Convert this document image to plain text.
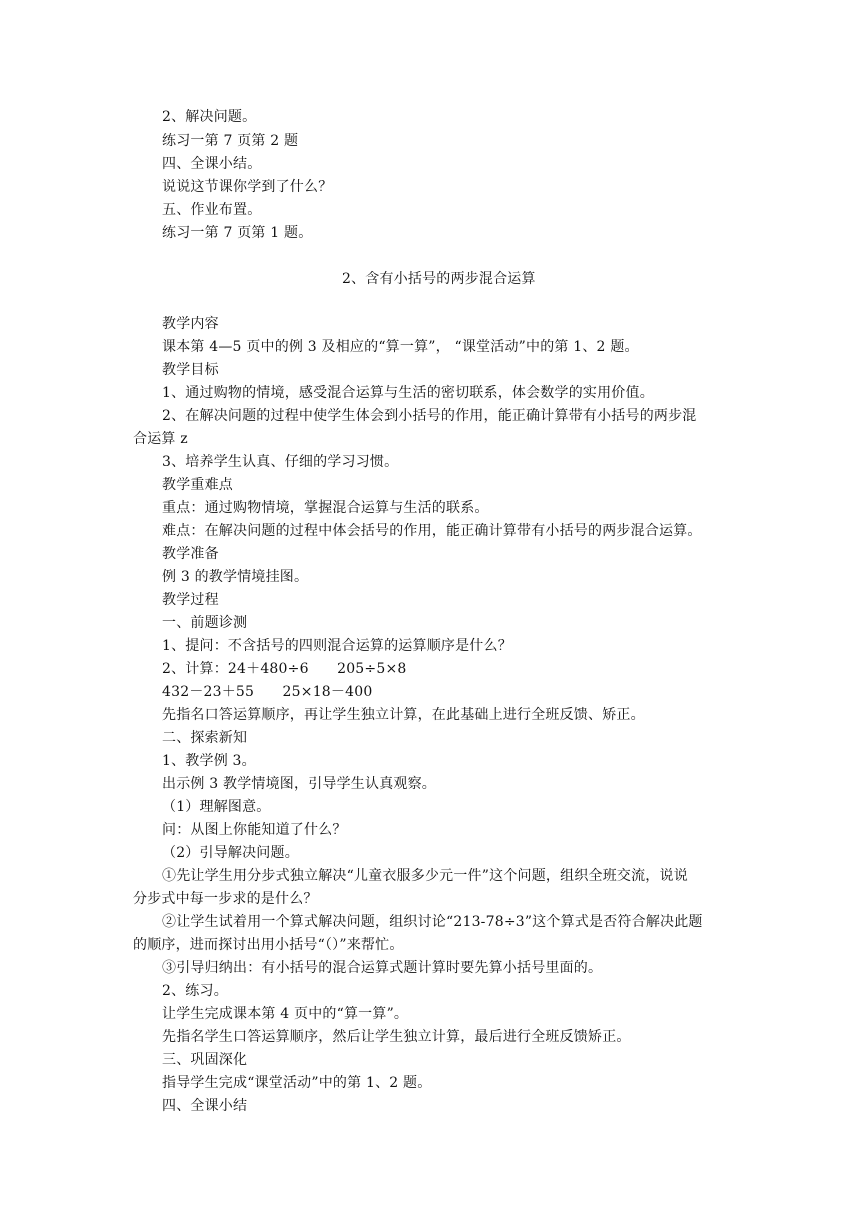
2、解决问题。
练习一第 7 页第 2 题
四、全课小结。
说说这节课你学到了什么？
五、作业布置。
练习一第 7 页第 1 题。
2、含有小括号的两步混合运算
教学内容
课本第 4—5 页中的例 3 及相应的“算一算”， “课堂活动”中的第 1、2 题。
教学目标
1、通过购物的情境，感受混合运算与生活的密切联系，体会数学的实用价值。
2、在解决问题的过程中使学生体会到小括号的作用，能正确计算带有小括号的两步混
合运算 z
3、培养学生认真、仔细的学习习惯。
教学重难点
重点：通过购物情境，掌握混合运算与生活的联系。
难点：在解决问题的过程中体会括号的作用，能正确计算带有小括号的两步混合运算。
教学准备
例 3 的教学情境挂图。
教学过程
一、前题诊测
1、提问：不含括号的四则混合运算的运算顺序是什么？
2、计算：24＋480÷6　　205÷5×8
432－23＋55　　25×18－400
先指名口答运算顺序，再让学生独立计算，在此基础上进行全班反馈、矫正。
二、探索新知
1、教学例 3。
出示例 3 教学情境图，引导学生认真观察。
（1）理解图意。
问：从图上你能知道了什么？
（2）引导解决问题。
①先让学生用分步式独立解决“儿童衣服多少元一件”这个问题，组织全班交流，说说
分步式中每一步求的是什么？
②让学生试着用一个算式解决问题，组织讨论“213-78÷3”这个算式是否符合解决此题
的顺序，进而探讨出用小括号“（）”来帮忙。
③引导归纳出：有小括号的混合运算式题计算时要先算小括号里面的。
2、练习。
让学生完成课本第 4 页中的“算一算”。
先指名学生口答运算顺序，然后让学生独立计算，最后进行全班反馈矫正。
三、巩固深化
指导学生完成“课堂活动”中的第 1、2 题。
四、全课小结
